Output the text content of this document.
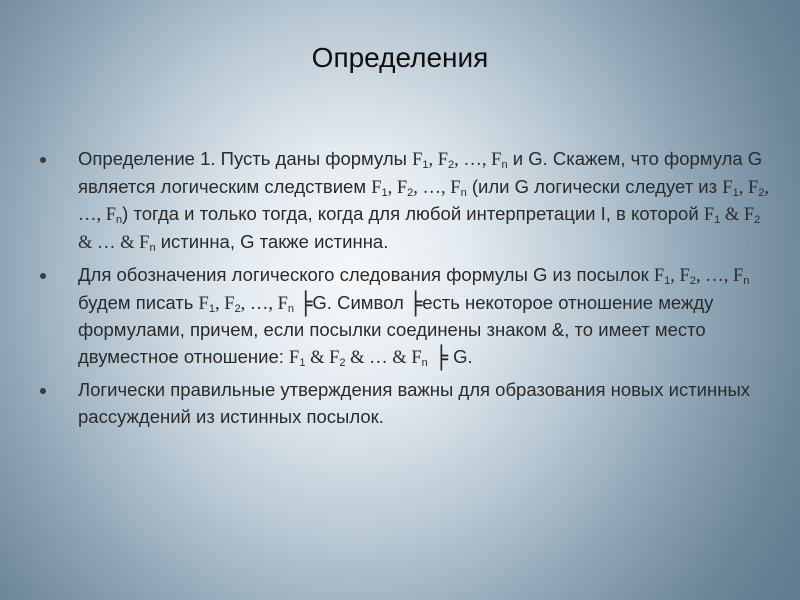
Определения
Определение 1. Пусть даны формулы $F_1$, $F_2$, …, $F_n$ и G. Скажем, что формула G является логическим следствием $F_1$, $F_2$, …, $F_n$ (или G логически следует из $F_1$, $F_2$, …, $F_n$) тогда и только тогда, когда для любой интерпретации I, в которой $F_1$ & $F_2$ & … & $F_n$ истинна, G также истинна.
Для обозначения логического следования формулы G из посылок $F_1$, $F_2$, …, $F_n$ будем писать $F_1$, $F_2$, …, $F_n$ ╞G. Символ ╞есть некоторое отношение между формулами, причем, если посылки соединены знаком &, то имеет место двуместное отношение: $F_1$ & $F_2$ & … & $F_n$ ╞ G.
Логически правильные утверждения важны для образования новых истинных рассуждений из истинных посылок.
